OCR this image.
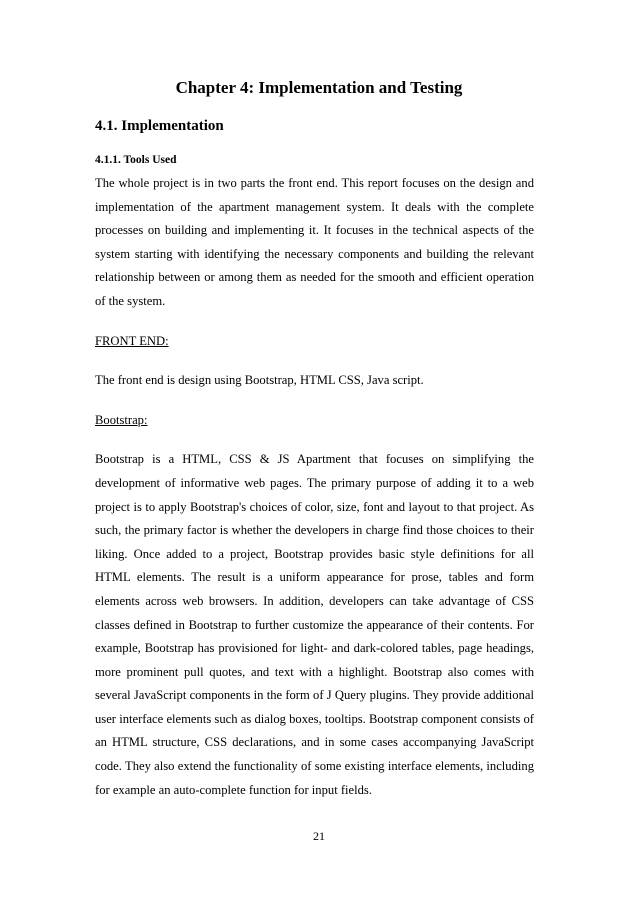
Chapter 4: Implementation and Testing
4.1. Implementation
4.1.1. Tools Used

The whole project is in two parts the front end. This report focuses on the design and implementation of the apartment management system. It deals with the complete processes on building and implementing it. It focuses in the technical aspects of the system starting with identifying the necessary components and building the relevant relationship between or among them as needed for the smooth and efficient operation of the system.

FRONT END:

The front end is design using Bootstrap, HTML CSS, Java script.

Bootstrap:

Bootstrap is a HTML, CSS & JS Apartment that focuses on simplifying the development of informative web pages. The primary purpose of adding it to a web project is to apply Bootstrap's choices of color, size, font and layout to that project. As such, the primary factor is whether the developers in charge find those choices to their liking. Once added to a project, Bootstrap provides basic style definitions for all HTML elements. The result is a uniform appearance for prose, tables and form elements across web browsers. In addition, developers can take advantage of CSS classes defined in Bootstrap to further customize the appearance of their contents. For example, Bootstrap has provisioned for light- and dark-colored tables, page headings, more prominent pull quotes, and text with a highlight. Bootstrap also comes with several JavaScript components in the form of J Query plugins. They provide additional user interface elements such as dialog boxes, tooltips. Bootstrap component consists of an HTML structure, CSS declarations, and in some cases accompanying JavaScript code. They also extend the functionality of some existing interface elements, including for example an auto-complete function for input fields.

21
